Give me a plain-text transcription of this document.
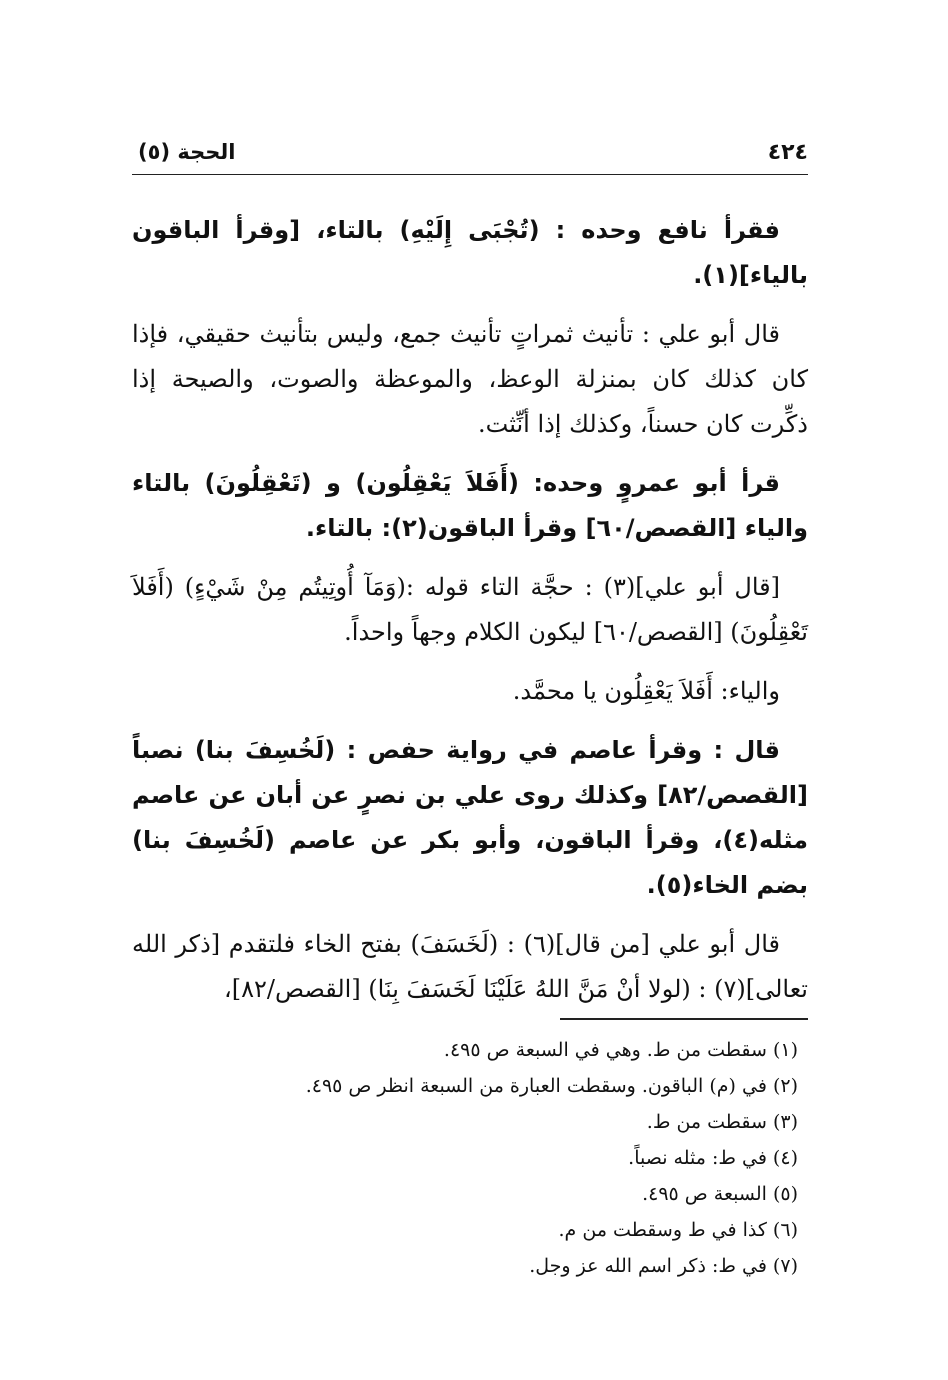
٤٢٤
الحجة (٥)

فقرأ نافع وحده : (تُجْبَى إِلَيْهِ) بالتاء، [وقرأ الباقون بالياء](١).

قال أبو علي : تأنيث ثمراتٍ تأنيث جمع، وليس بتأنيث حقيقي، فإذا كان كذلك كان بمنزلة الوعظ، والموعظة والصوت، والصيحة إذا ذكِّرت كان حسناً، وكذلك إذا أنِّثت.

قرأ أبو عمروٍ وحده: (أَفَلاَ يَعْقِلُون) و (تَعْقِلُونَ) بالتاء والياء [القصص/٦٠] وقرأ الباقون(٢): بالتاء.

[قال أبو علي](٣) : حجَّة التاء قوله :(وَمَآ أُوتِيتُم مِنْ شَيْءٍ) (أَفَلاَ تَعْقِلُونَ) [القصص/٦٠] ليكون الكلام وجهاً واحداً.

والياء: أَفَلاَ يَعْقِلُون يا محمَّد.

قال : وقرأ عاصم في رواية حفص : (لَخُسِفَ بنا) نصباً [القصص/٨٢] وكذلك روى علي بن نصرٍ عن أبان عن عاصم مثله(٤)، وقرأ الباقون، وأبو بكر عن عاصم (لَخُسِفَ بنا) بضم الخاء(٥).

قال أبو علي [من قال](٦) : (لَخَسَفَ) بفتح الخاء فلتقدم [ذكر الله تعالى](٧) : (لولا أنْ مَنَّ اللهُ عَلَيْنَا لَخَسَفَ بِنَا) [القصص/٨٢]،

(١) سقطت من ط. وهي في السبعة ص ٤٩٥.
(٢) في (م) الباقون. وسقطت العبارة من السبعة انظر ص ٤٩٥.
(٣) سقطت من ط.
(٤) في ط: مثله نصباً.
(٥) السبعة ص ٤٩٥.
(٦) كذا في ط وسقطت من م.
(٧) في ط: ذكر اسم الله عز وجل.
